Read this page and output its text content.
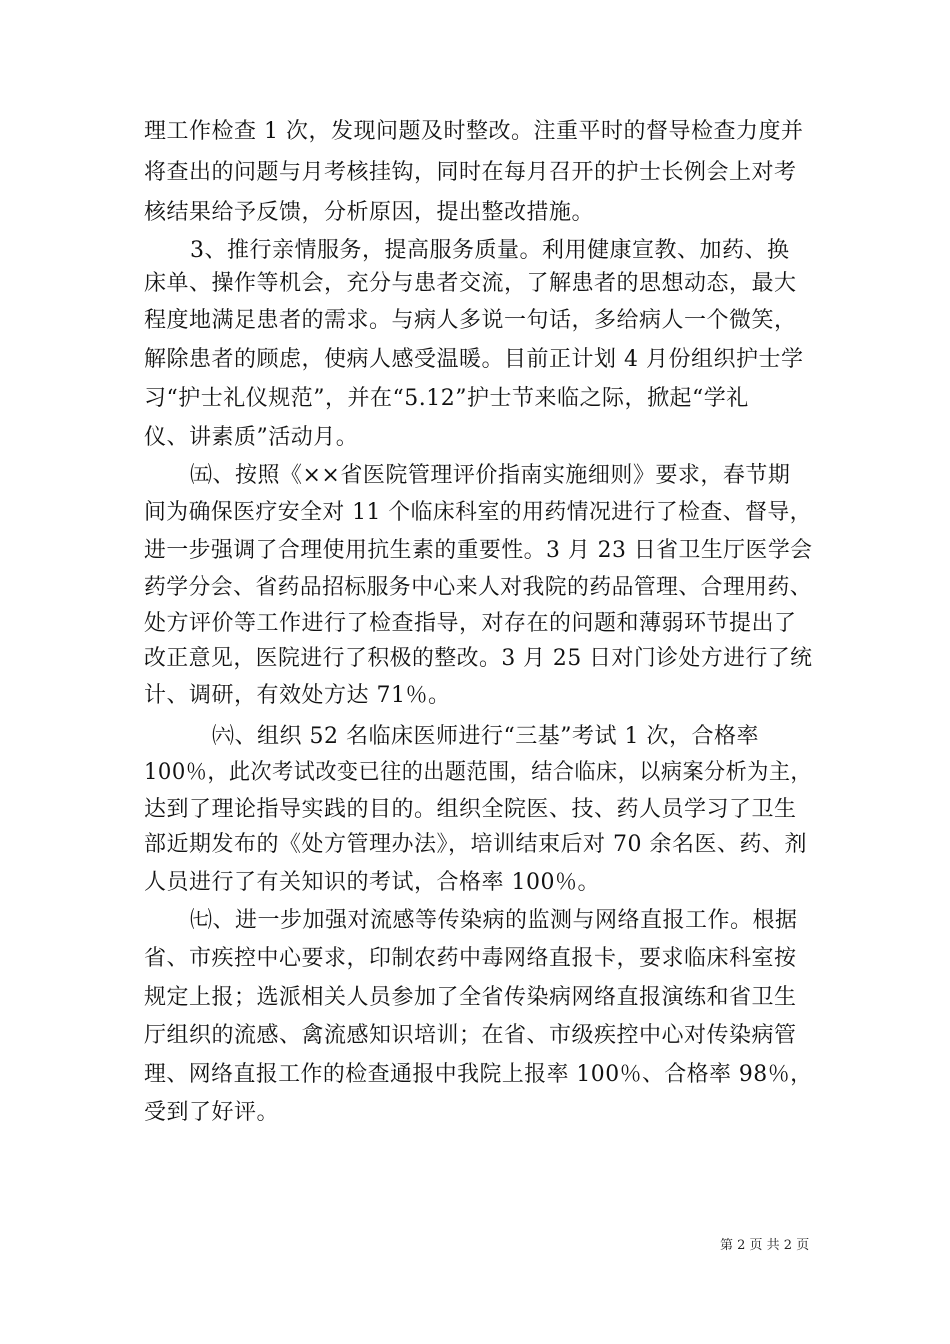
理工作检查 1 次，发现问题及时整改。注重平时的督导检查力度并
将查出的问题与月考核挂钩，同时在每月召开的护士长例会上对考
核结果给予反馈，分析原因，提出整改措施。
3、推行亲情服务，提高服务质量。利用健康宣教、加药、换
床单、操作等机会，充分与患者交流，了解患者的思想动态，最大
程度地满足患者的需求。与病人多说一句话，多给病人一个微笑，
解除患者的顾虑，使病人感受温暖。目前正计划 4 月份组织护士学
习“护士礼仪规范”，并在“5.12”护士节来临之际，掀起“学礼
仪、讲素质”活动月。
㈤、按照《××省医院管理评价指南实施细则》要求，春节期
间为确保医疗安全对 11 个临床科室的用药情况进行了检查、督导，
进一步强调了合理使用抗生素的重要性。3 月 23 日省卫生厅医学会
药学分会、省药品招标服务中心来人对我院的药品管理、合理用药、
处方评价等工作进行了检查指导，对存在的问题和薄弱环节提出了
改正意见，医院进行了积极的整改。3 月 25 日对门诊处方进行了统
计、调研，有效处方达 71％。
㈥、组织 52 名临床医师进行“三基”考试 1 次，合格率
100％，此次考试改变已往的出题范围，结合临床，以病案分析为主，
达到了理论指导实践的目的。组织全院医、技、药人员学习了卫生
部近期发布的《处方管理办法》，培训结束后对 70 余名医、药、剂
人员进行了有关知识的考试，合格率 100％。
㈦、进一步加强对流感等传染病的监测与网络直报工作。根据
省、市疾控中心要求，印制农药中毒网络直报卡，要求临床科室按
规定上报；选派相关人员参加了全省传染病网络直报演练和省卫生
厅组织的流感、禽流感知识培训；在省、市级疾控中心对传染病管
理、网络直报工作的检查通报中我院上报率 100％、合格率 98％，
受到了好评。
第 2 页 共 2 页
